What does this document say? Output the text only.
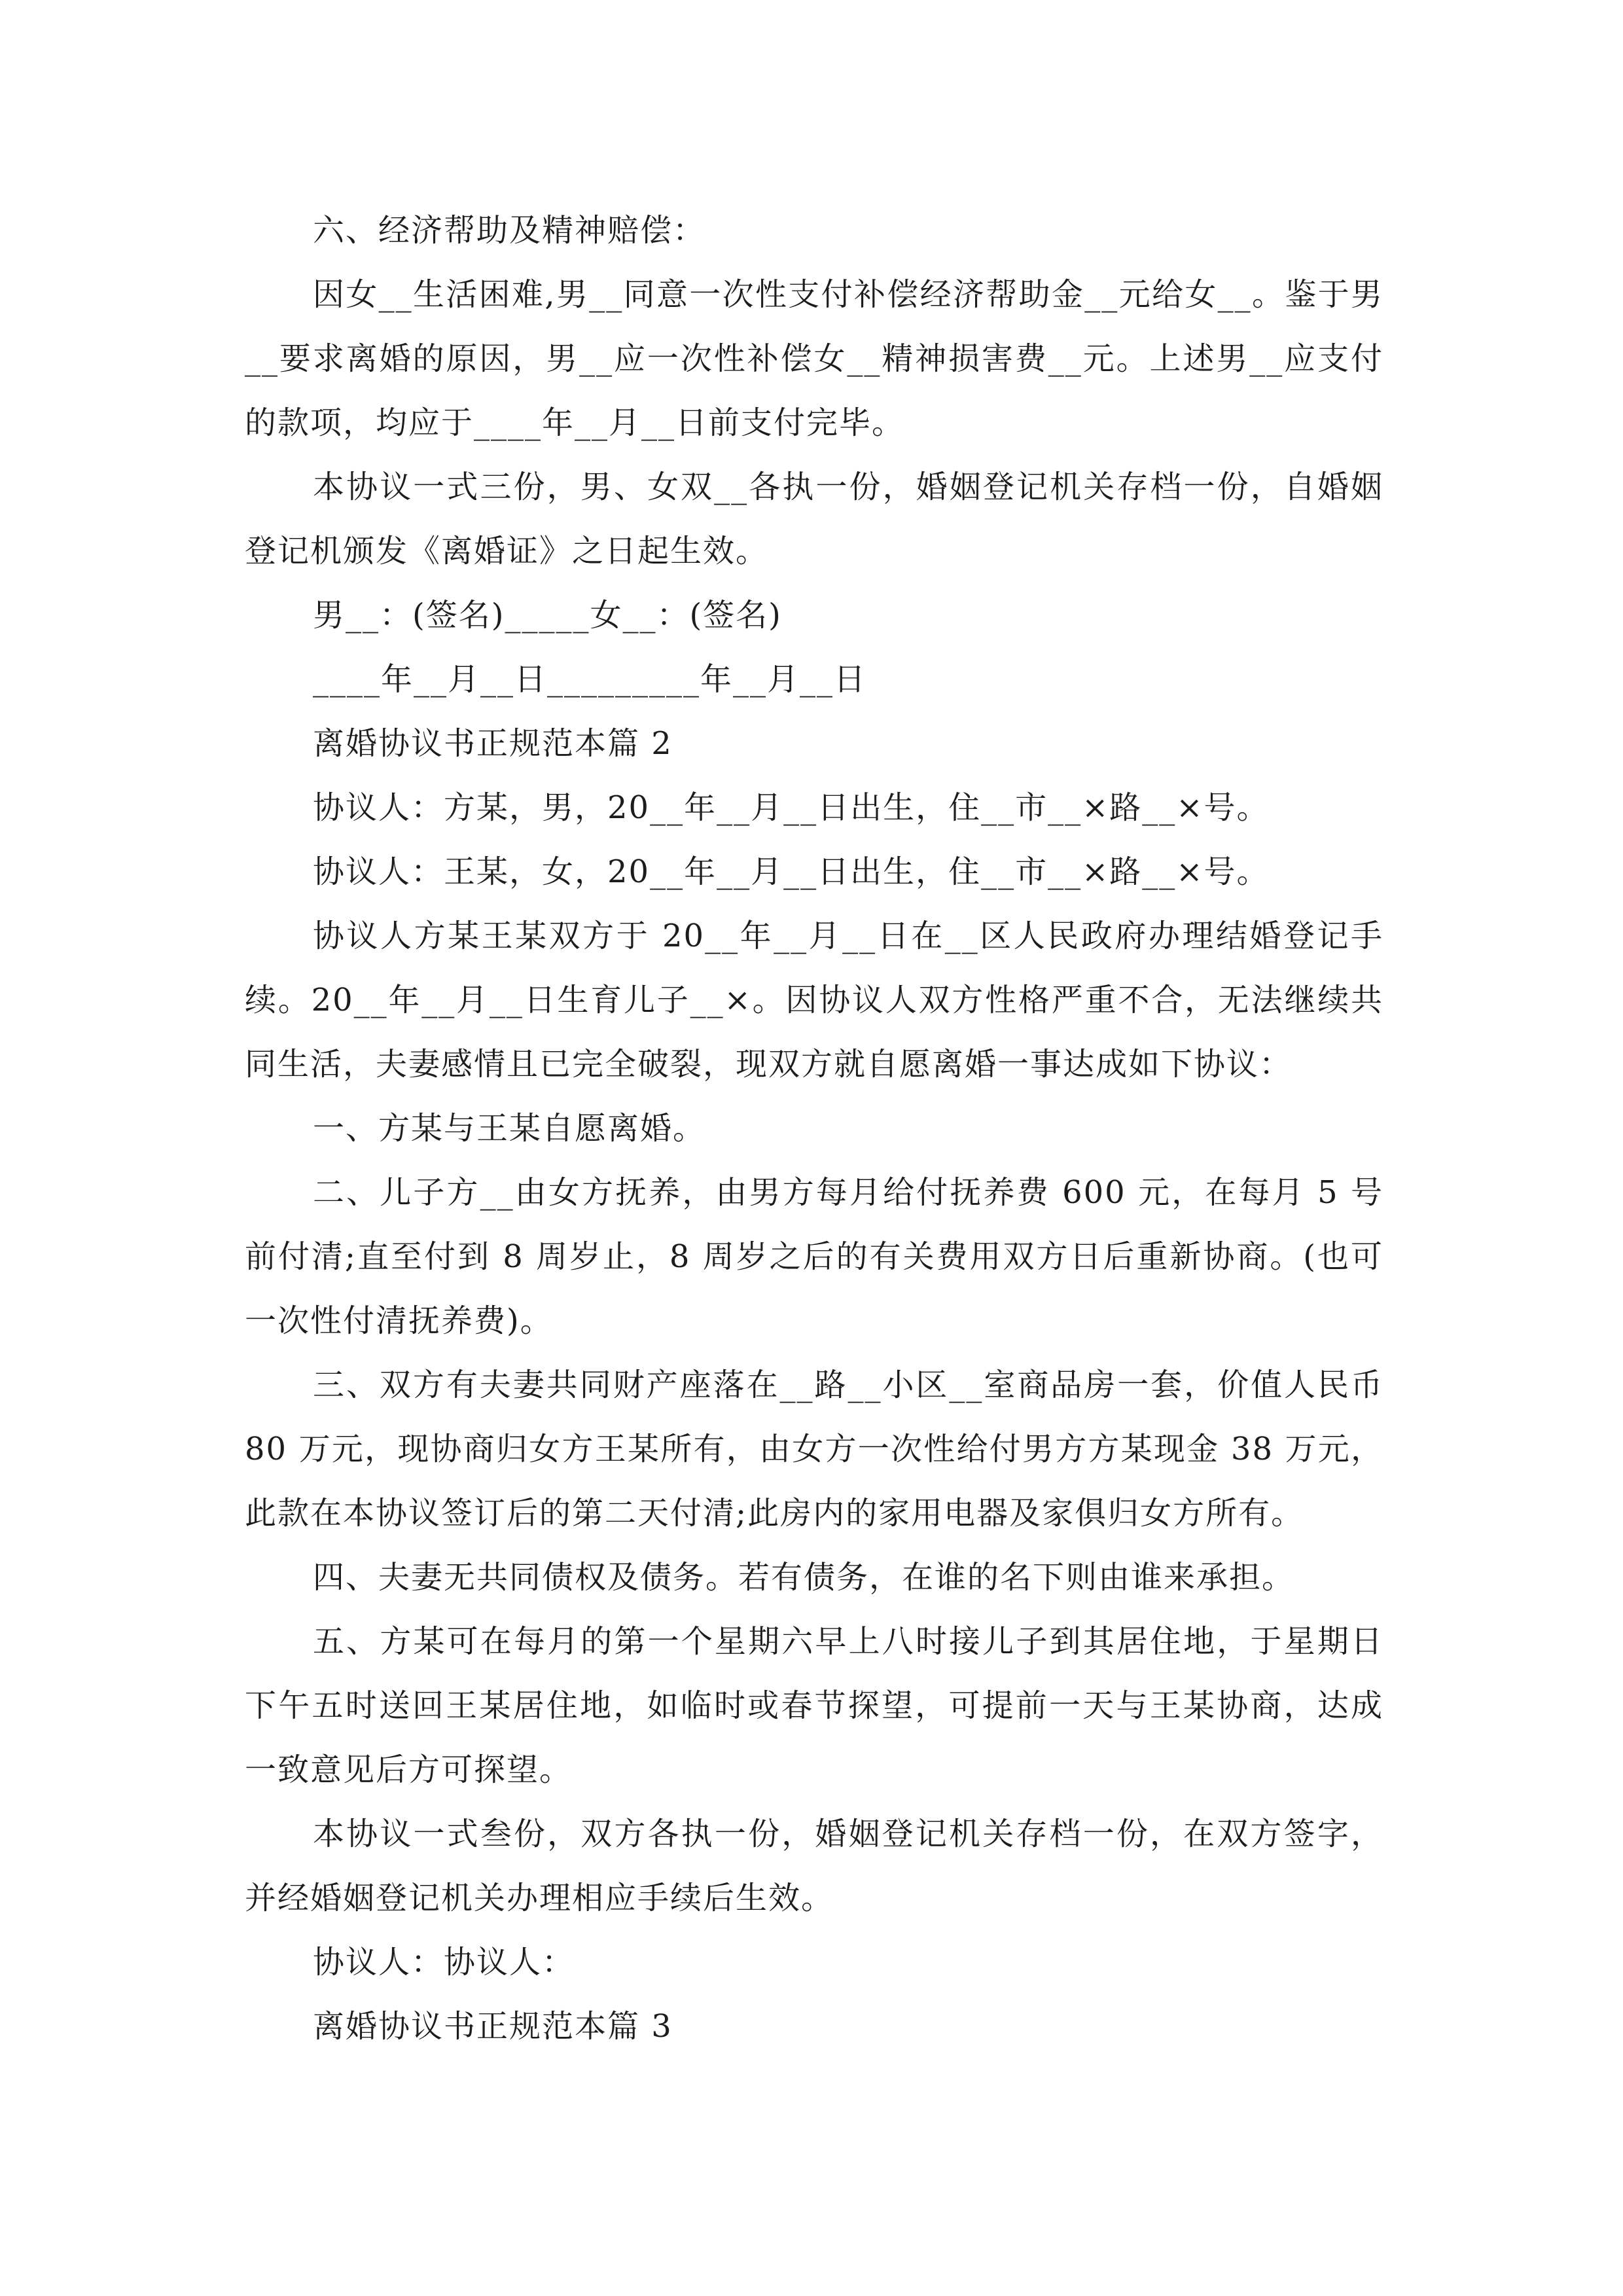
六、经济帮助及精神赔偿：

因女__生活困难,男__同意一次性支付补偿经济帮助金__元给女__。鉴于男__要求离婚的原因，男__应一次性补偿女__精神损害费__元。上述男__应支付的款项，均应于____年__月__日前支付完毕。

本协议一式三份，男、女双__各执一份，婚姻登记机关存档一份，自婚姻登记机颁发《离婚证》之日起生效。

男__：(签名)_____女__：(签名)

____年__月__日_________年__月__日

离婚协议书正规范本篇 2

协议人：方某，男，20__年__月__日出生，住__市__×路__×号。

协议人：王某，女，20__年__月__日出生，住__市__×路__×号。

协议人方某王某双方于 20__年__月__日在__区人民政府办理结婚登记手续。20__年__月__日生育儿子__×。因协议人双方性格严重不合，无法继续共同生活，夫妻感情且已完全破裂，现双方就自愿离婚一事达成如下协议：

一、方某与王某自愿离婚。

二、儿子方__由女方抚养，由男方每月给付抚养费 600 元，在每月 5 号前付清;直至付到 8 周岁止，8 周岁之后的有关费用双方日后重新协商。(也可一次性付清抚养费)。

三、双方有夫妻共同财产座落在__路__小区__室商品房一套，价值人民币 80 万元，现协商归女方王某所有，由女方一次性给付男方方某现金 38 万元，此款在本协议签订后的第二天付清;此房内的家用电器及家俱归女方所有。

四、夫妻无共同债权及债务。若有债务，在谁的名下则由谁来承担。

五、方某可在每月的第一个星期六早上八时接儿子到其居住地，于星期日下午五时送回王某居住地，如临时或春节探望，可提前一天与王某协商，达成一致意见后方可探望。

本协议一式叁份，双方各执一份，婚姻登记机关存档一份，在双方签字，并经婚姻登记机关办理相应手续后生效。

协议人：协议人：

离婚协议书正规范本篇 3
